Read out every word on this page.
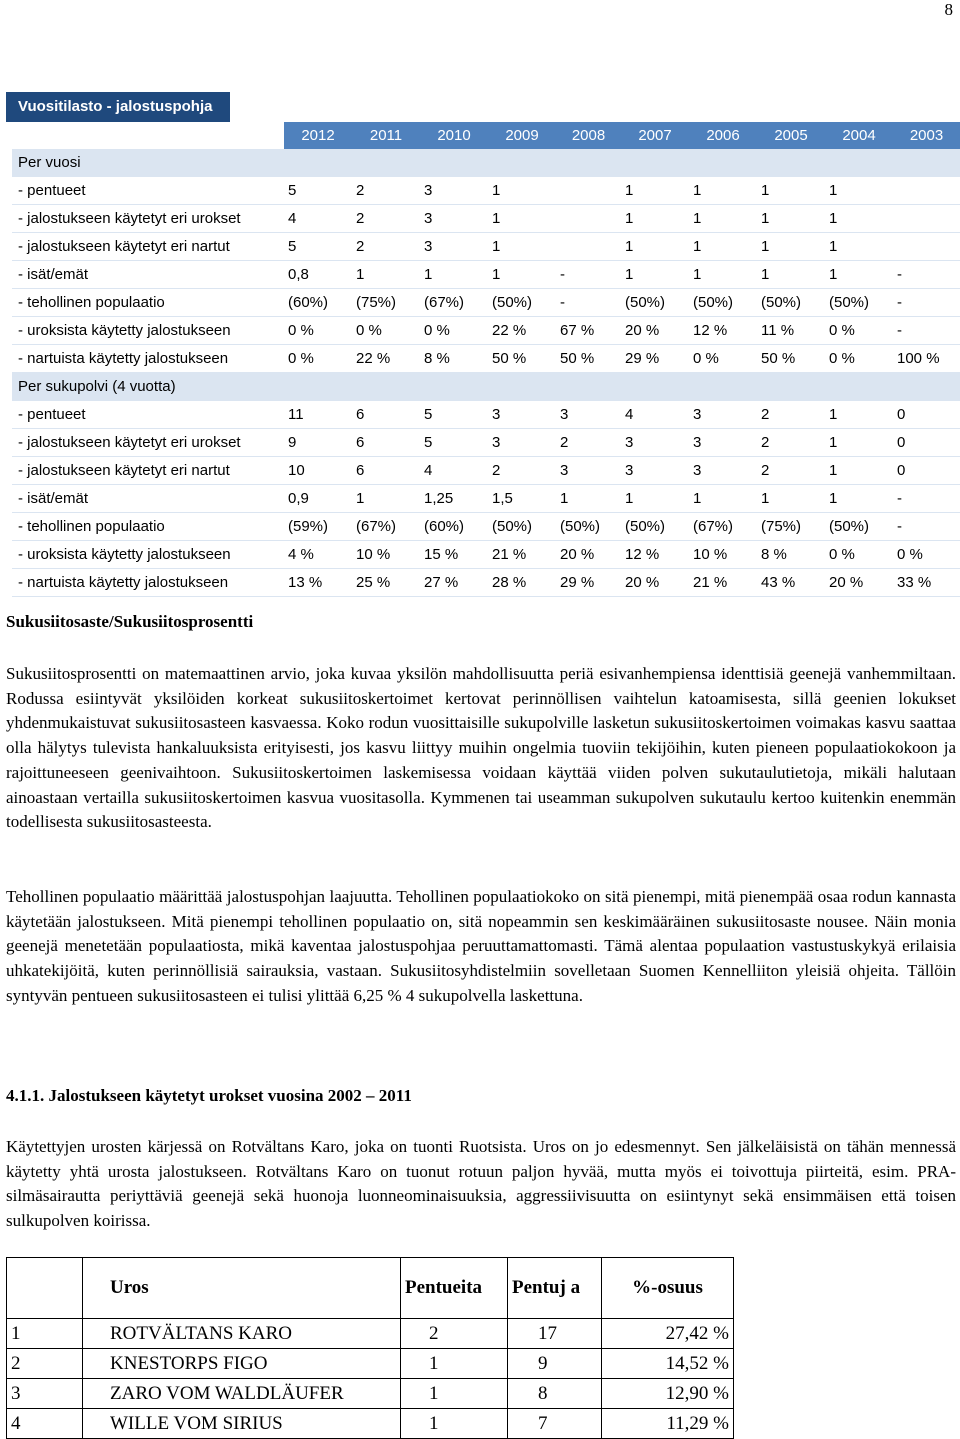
8
Vuositilasto - jalostuspohja
	2012	2011	2010	2009	2008	2007	2006	2005	2004	2003
Per vuosi										
- pentueet	5	2	3	1		1	1	1	1	
- jalostukseen käytetyt eri urokset	4	2	3	1		1	1	1	1	
- jalostukseen käytetyt eri nartut	5	2	3	1		1	1	1	1	
- isät/emät	0,8	1	1	1	-	1	1	1	1	-
- tehollinen populaatio	(60%)	(75%)	(67%)	(50%)	-	(50%)	(50%)	(50%)	(50%)	-
- uroksista käytetty jalostukseen	0 %	0 %	0 %	22 %	67 %	20 %	12 %	11 %	0 %	-
- nartuista käytetty jalostukseen	0 %	22 %	8 %	50 %	50 %	29 %	0 %	50 %	0 %	100 %
Per sukupolvi (4 vuotta)										
- pentueet	11	6	5	3	3	4	3	2	1	0
- jalostukseen käytetyt eri urokset	9	6	5	3	2	3	3	2	1	0
- jalostukseen käytetyt eri nartut	10	6	4	2	3	3	3	2	1	0
- isät/emät	0,9	1	1,25	1,5	1	1	1	1	1	-
- tehollinen populaatio	(59%)	(67%)	(60%)	(50%)	(50%)	(50%)	(67%)	(75%)	(50%)	-
- uroksista käytetty jalostukseen	4 %	10 %	15 %	21 %	20 %	12 %	10 %	8 %	0 %	0 %
- nartuista käytetty jalostukseen	13 %	25 %	27 %	28 %	29 %	20 %	21 %	43 %	20 %	33 %
Sukusiitosaste/Sukusiitosprosentti

Sukusiitosprosentti on matemaattinen arvio, joka kuvaa yksilön mahdollisuutta periä esivanhempiensa identtisiä geenejä vanhemmiltaan. Rodussa esiintyvät yksilöiden korkeat sukusiitoskertoimet kertovat perinnöllisen vaihtelun katoamisesta, sillä geenien lokukset yhdenmukaistuvat sukusiitosasteen kasvaessa. Koko rodun vuosittaisille sukupolville lasketun sukusiitoskertoimen voimakas kasvu saattaa olla hälytys tulevista hankaluuksista erityisesti, jos kasvu liittyy muihin ongelmia tuoviin tekijöihin, kuten pieneen populaatiokokoon ja rajoittuneeseen geenivaihtoon. Sukusiitoskertoimen laskemisessa voidaan käyttää viiden polven sukutaulutietoja, mikäli halutaan ainoastaan vertailla sukusiitoskertoimen kasvua vuositasolla. Kymmenen tai useamman sukupolven sukutaulu kertoo kuitenkin enemmän todellisesta sukusiitosasteesta.

Tehollinen populaatio määrittää jalostuspohjan laajuutta. Tehollinen populaatiokoko on sitä pienempi, mitä pienempää osaa rodun kannasta käytetään jalostukseen. Mitä pienempi tehollinen populaatio on, sitä nopeammin sen keskimääräinen sukusiitosaste nousee. Näin monia geenejä menetetään populaatiosta, mikä kaventaa jalostuspohjaa peruuttamattomasti. Tämä alentaa populaation vastustuskykyä erilaisia uhkatekijöitä, kuten perinnöllisiä sairauksia, vastaan. Sukusiitosyhdistelmiin sovelletaan Suomen Kennelliiton yleisiä ohjeita. Tällöin syntyvän pentueen sukusiitosasteen ei tulisi ylittää 6,25 % 4 sukupolvella laskettuna.

4.1.1. Jalostukseen käytetyt urokset vuosina 2002 – 2011

Käytettyjen urosten kärjessä on Rotvältans Karo, joka on tuonti Ruotsista. Uros on jo edesmennyt. Sen jälkeläisistä on tähän mennessä käytetty yhtä urosta jalostukseen. Rotvältans Karo on tuonut rotuun paljon hyvää, mutta myös ei toivottuja piirteitä, esim. PRA-silmäsairautta periyttäviä geenejä sekä huonoja luonneominaisuuksia, aggressiivisuutta on esiintynyt sekä ensimmäisen että toisen sulkupolven koirissa.

	Uros	Pentueita	Pentuj a	%-osuus
1	ROTVÄLTANS KARO	2	17	27,42 %
2	KNESTORPS FIGO	1	9	14,52 %
3	ZARO VOM WALDLÄUFER	1	8	12,90 %
4	WILLE VOM SIRIUS	1	7	11,29 %
